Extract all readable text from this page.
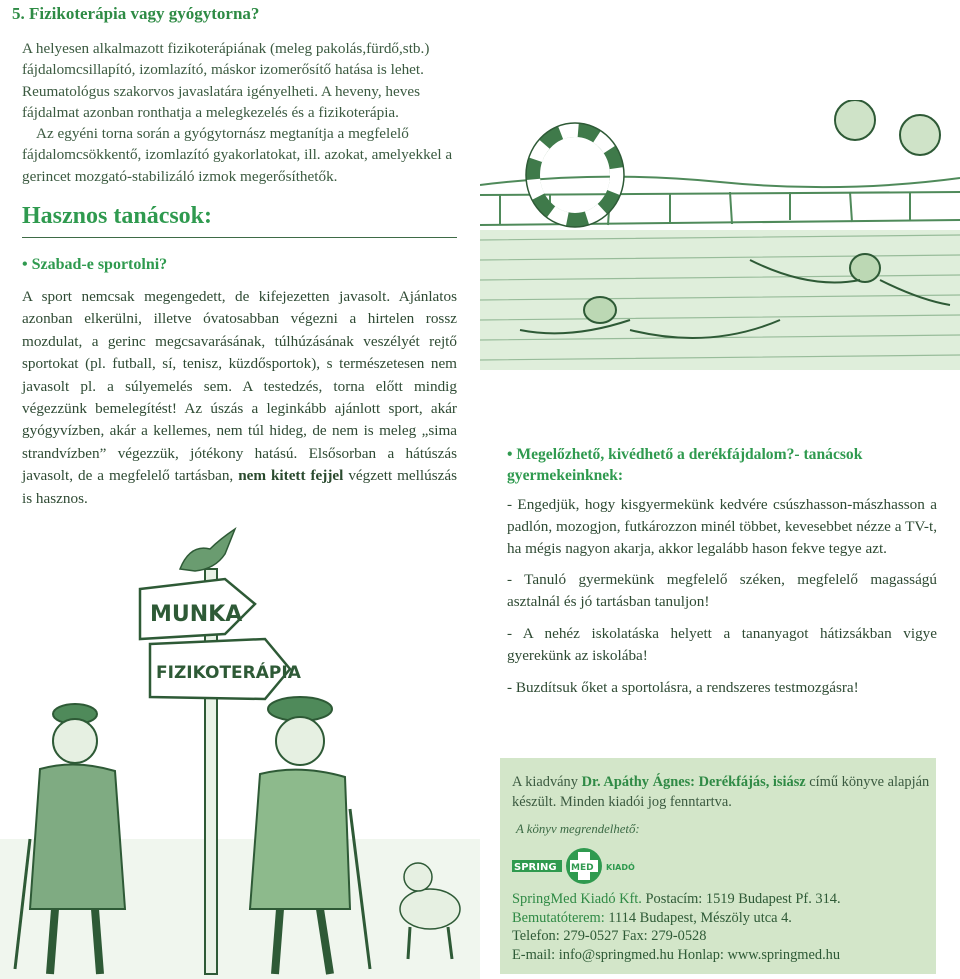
5. Fizikoterápia vagy gyógytorna?

A helyesen alkalmazott fizikoterápiának (meleg pakolás,fürdő,stb.) fájdalomcsillapító, izomlazító, máskor izomerősítő hatása is lehet. Reumatológus szakorvos javaslatára igényelheti. A heveny, heves fájdalmat azonban ronthatja a melegkezelés és a fizikoterápia.

Az egyéni torna során a gyógytornász megtanítja a megfelelő fájdalomcsökkentő, izomlazító gyakorlatokat, ill. azokat, amelyekkel a gerincet mozgató-stabilizáló izmok megerősíthetők.

Hasznos tanácsok:
• Szabad-e sportolni?
A sport nemcsak megengedett, de kifejezetten javasolt. Ajánlatos azonban elkerülni, illetve óvatosabban végezni a hirtelen rossz mozdulat, a gerinc megcsavarásának, túlhúzásának veszélyét rejtő sportokat (pl. futball, sí, tenisz, küzdősportok), s természetesen nem javasolt pl. a súlyemelés sem. A testedzés, torna előtt mindig végezzünk bemelegítést! Az úszás a leginkább ajánlott sport, akár gyógyvízben, akár a kellemes, nem túl hideg, de nem is meleg „sima strandvízben” végezzük, jótékony hatású. Elsősorban a hátúszás javasolt, de a megfelelő tartásban, nem kitett fejjel végzett mellúszás is hasznos.
• Megelőzhető, kivédhető a derékfájdalom?- tanácsok gyermekeinknek:

- Engedjük, hogy kisgyermekünk kedvére csúszhasson-mászhasson a padlón, mozogjon, futkározzon minél többet, kevesebbet nézze a TV-t, ha mégis nagyon akarja, akkor legalább hason fekve tegye azt.

- Tanuló gyermekünk megfelelő széken, megfelelő magasságú asztalnál és jó tartásban tanuljon!

- A nehéz iskolatáska helyett a tananyagot hátizsákban vigye gyerekünk az iskolába!

- Buzdítsuk őket a sportolásra, a rendszeres testmozgásra!

MUNKA
FIZIKOTERÁPIA
A kiadvány Dr. Apáthy Ágnes: Derékfájás, isiász című könyve alapján készült. Minden kiadói jog fenntartva.
A könyv megrendelhető:
SPRING MED KIADÓ
SpringMed Kiadó Kft. Postacím: 1519 Budapest Pf. 314.
Bemutatóterem: 1114 Budapest, Mészöly utca 4.
Telefon: 279-0527 Fax: 279-0528
E-mail: info@springmed.hu Honlap: www.springmed.hu
